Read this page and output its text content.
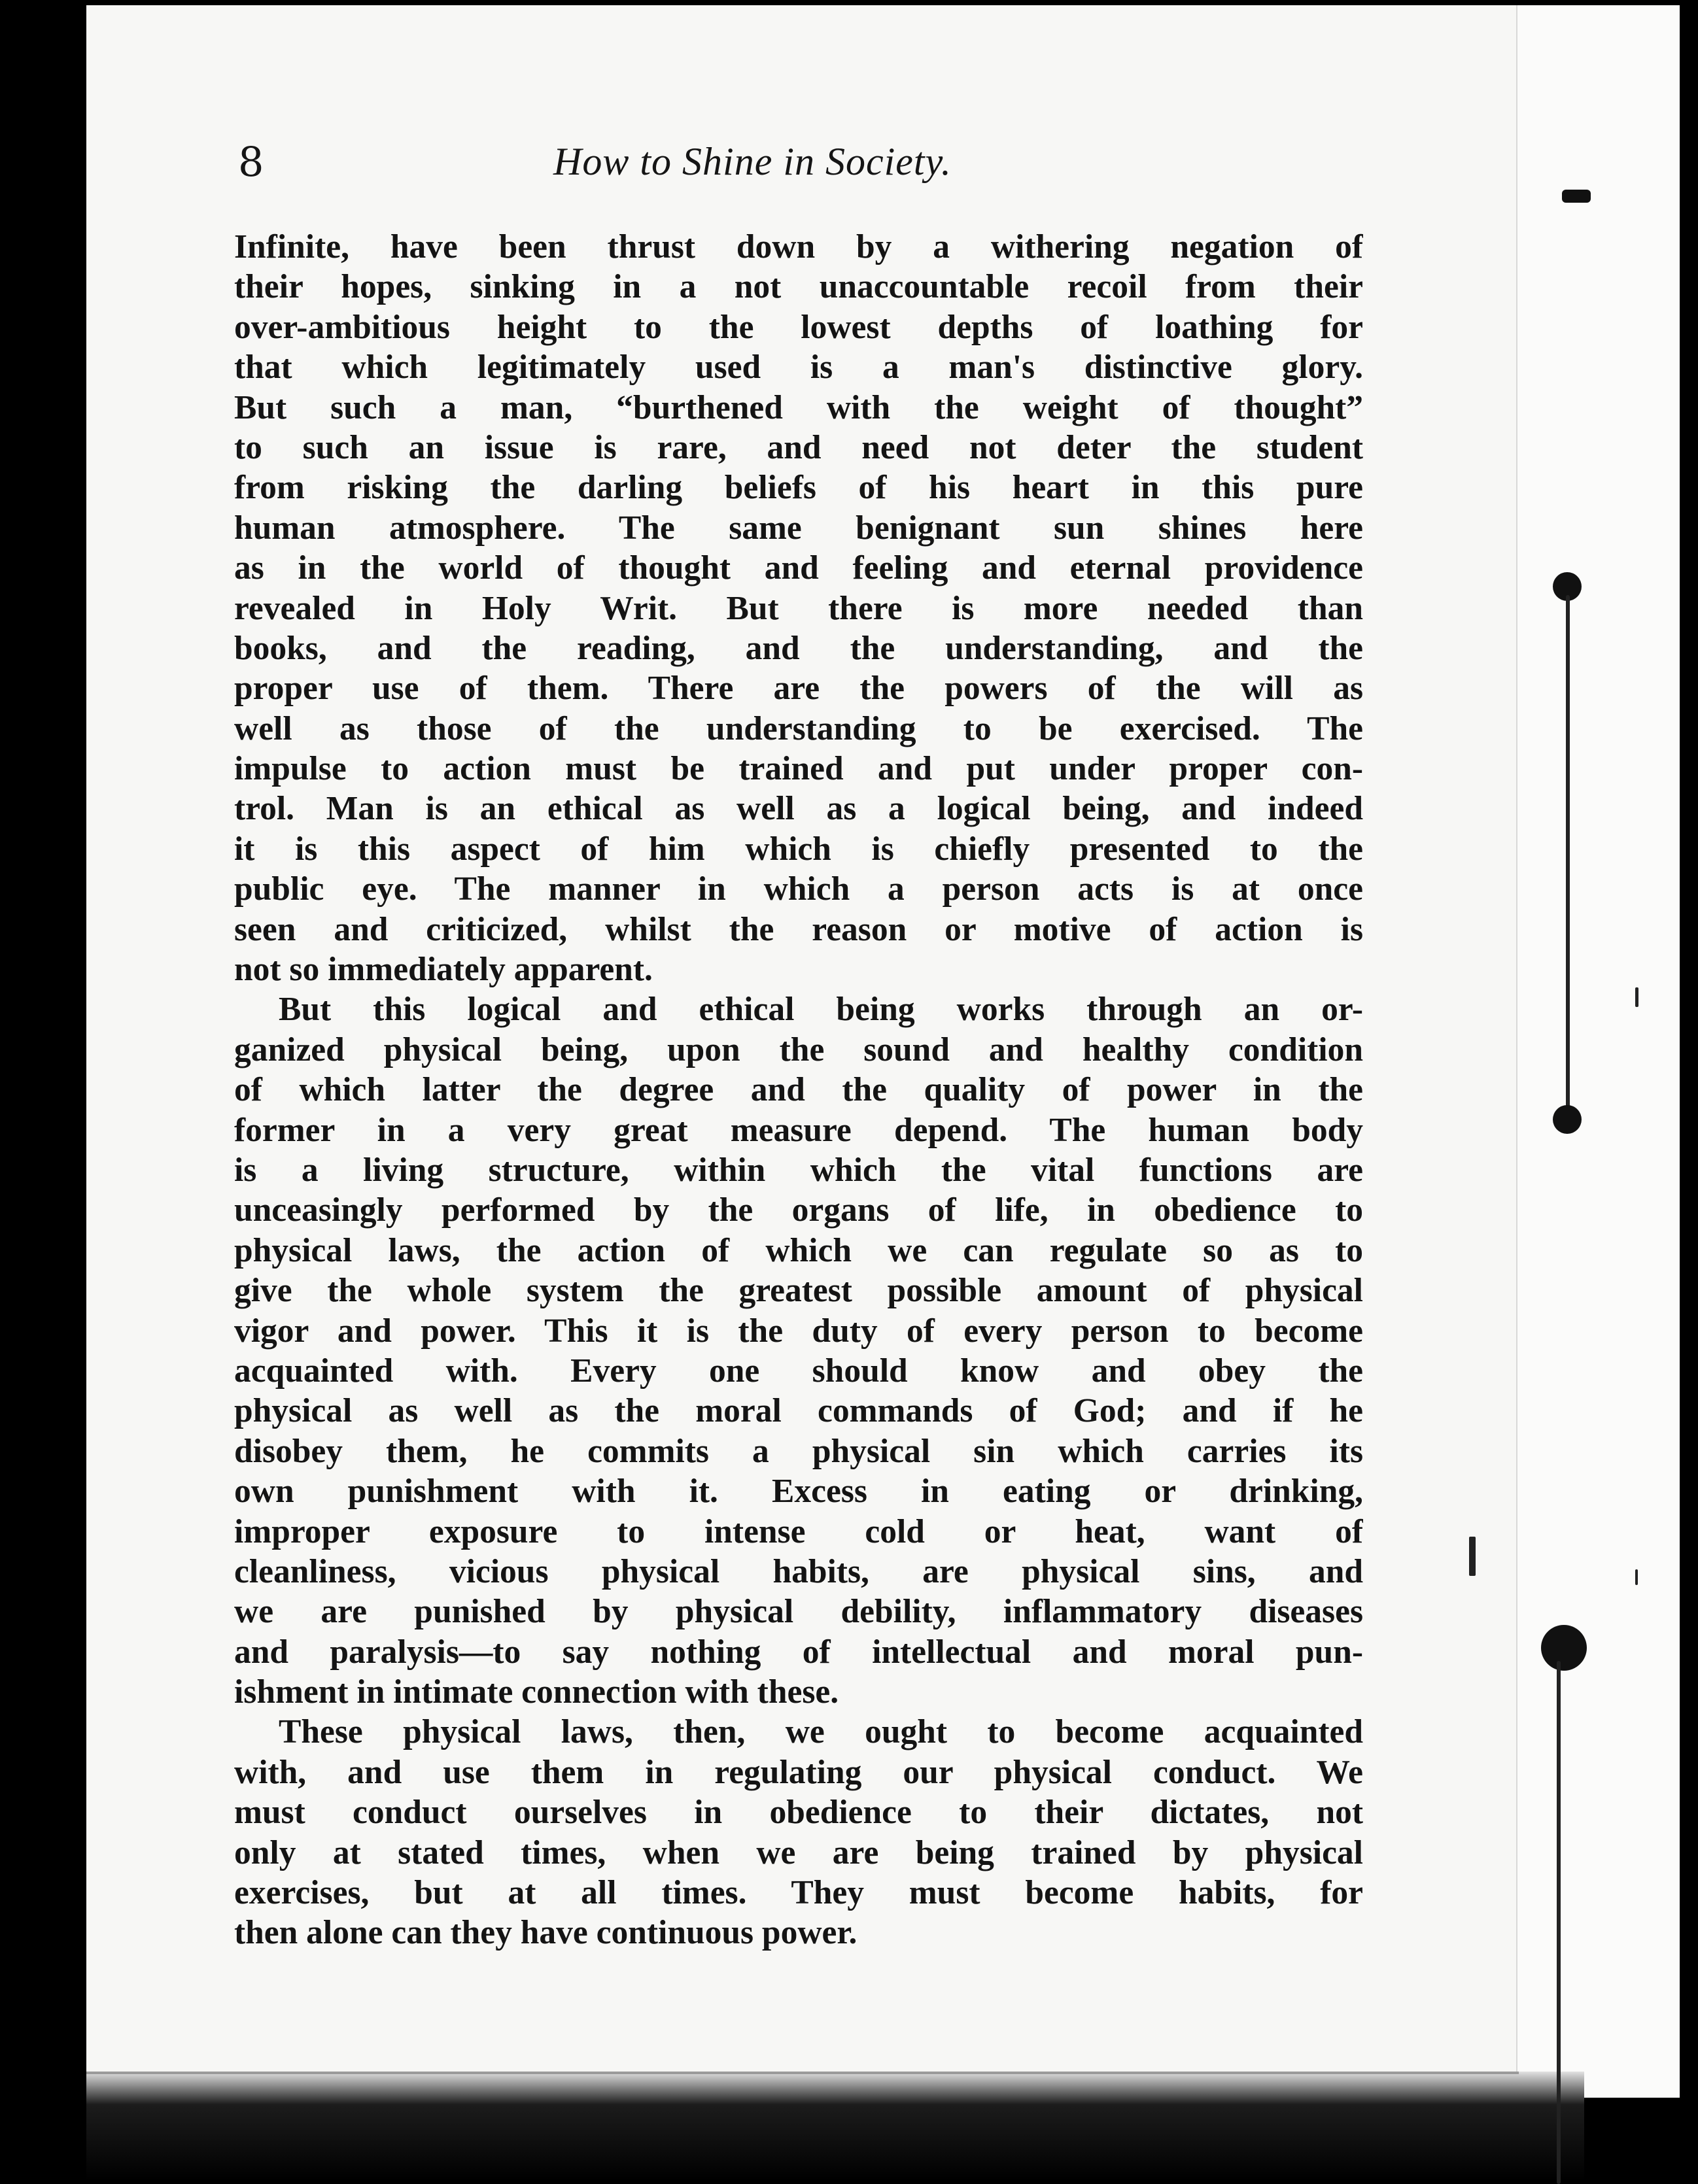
8	How to Shine in Society.
Infinite, have been thrust down by a withering negation of
their hopes, sinking in a not unaccountable recoil from their
over-ambitious height to the lowest depths of loathing for
that which legitimately used is a man's distinctive glory.
But such a man, “burthened with the weight of thought”
to such an issue is rare, and need not deter the student
from risking the darling beliefs of his heart in this pure
human atmosphere. The same benignant sun shines here
as in the world of thought and feeling and eternal providence
revealed in Holy Writ. But there is more needed than
books, and the reading, and the understanding, and the
proper use of them. There are the powers of the will as
well as those of the understanding to be exercised. The
impulse to action must be trained and put under proper con-
trol. Man is an ethical as well as a logical being, and indeed
it is this aspect of him which is chiefly presented to the
public eye. The manner in which a person acts is at once
seen and criticized, whilst the reason or motive of action is
not so immediately apparent.
But this logical and ethical being works through an or-
ganized physical being, upon the sound and healthy condition
of which latter the degree and the quality of power in the
former in a very great measure depend. The human body
is a living structure, within which the vital functions are
unceasingly performed by the organs of life, in obedience to
physical laws, the action of which we can regulate so as to
give the whole system the greatest possible amount of physical
vigor and power. This it is the duty of every person to become
acquainted with. Every one should know and obey the
physical as well as the moral commands of God; and if he
disobey them, he commits a physical sin which carries its
own punishment with it. Excess in eating or drinking,
improper exposure to intense cold or heat, want of
cleanliness, vicious physical habits, are physical sins, and
we are punished by physical debility, inflammatory diseases
and paralysis—to say nothing of intellectual and moral pun-
ishment in intimate connection with these.
These physical laws, then, we ought to become acquainted
with, and use them in regulating our physical conduct. We
must conduct ourselves in obedience to their dictates, not
only at stated times, when we are being trained by physical
exercises, but at all times. They must become habits, for
then alone can they have continuous power.
